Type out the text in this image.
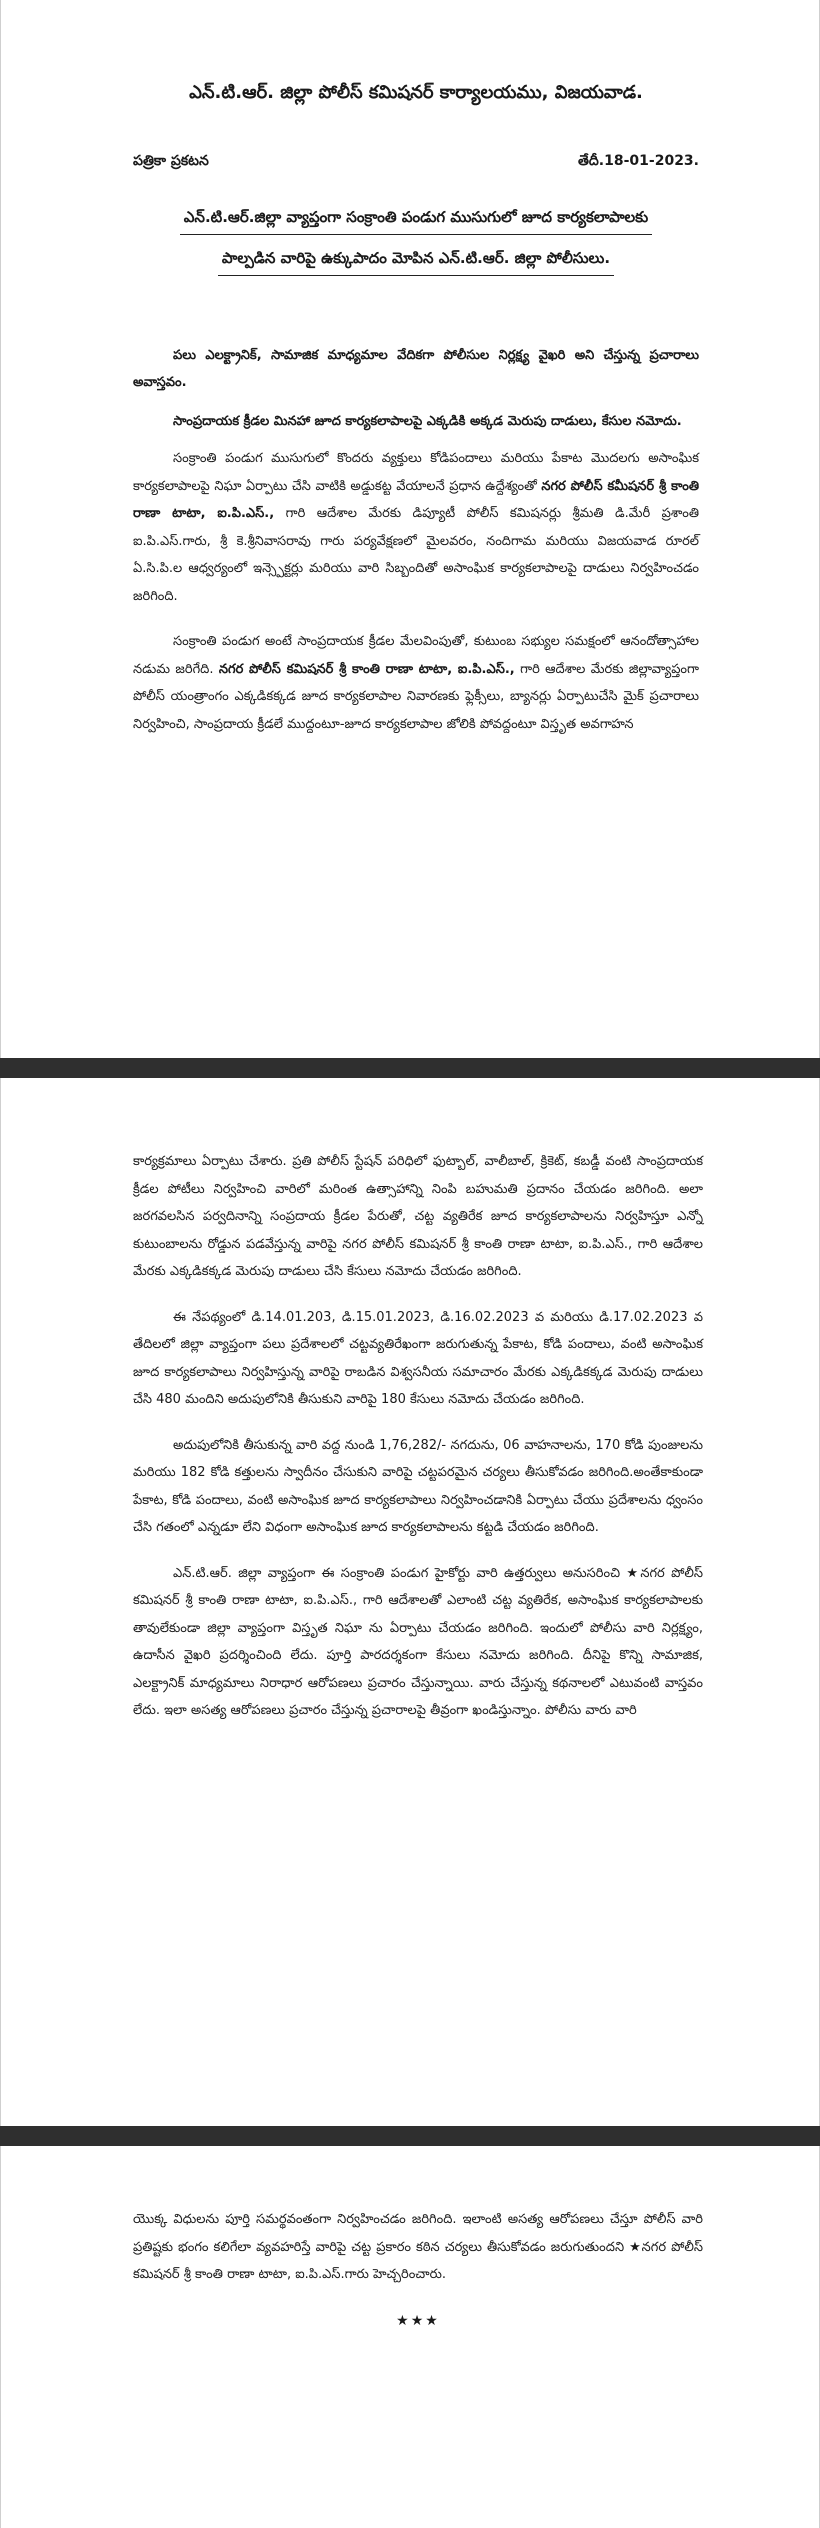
ఎన్.టి.ఆర్. జిల్లా పోలీస్ కమిషనర్ కార్యాలయము, విజయవాడ.
పత్రికా ప్రకటన	తేదీ.18-01-2023.
ఎన్.టి.ఆర్.జిల్లా వ్యాప్తంగా సంక్రాంతి పండుగ ముసుగులో జూద కార్యకలాపాలకు
పాల్పడిన వారిపై ఉక్కుపాదం మోపిన ఎన్.టి.ఆర్. జిల్లా పోలీసులు.

పలు ఎలక్ట్రానిక్, సామాజిక మాధ్యమాల వేదికగా పోలీసుల నిర్లక్ష్య వైఖరి అని చేస్తున్న ప్రచారాలు అవాస్తవం.

సాంప్రదాయక క్రీడల మినహా జూద కార్యకలాపాలపై ఎక్కడికి అక్కడ మెరుపు దాడులు, కేసుల నమోదు.

సంక్రాంతి పండుగ ముసుగులో కొందరు వ్యక్తులు కోడిపందాలు మరియు పేకాట మొదలగు అసాంఘిక కార్యకలాపాలపై నిఘా ఏర్పాటు చేసి వాటికి అడ్డుకట్ట వేయాలనే ప్రధాన ఉద్దేశ్యంతో నగర పోలీస్ కమీషనర్ శ్రీ కాంతి రాణా టాటా, ఐ.పి.ఎస్., గారి ఆదేశాల మేరకు డిప్యూటీ పోలీస్ కమిషనర్లు శ్రీమతి డి.మేరీ ప్రశాంతి ఐ.పి.ఎస్.గారు, శ్రీ కె.శ్రీనివాసరావు గారు పర్యవేక్షణలో మైలవరం, నందిగామ మరియు విజయవాడ రూరల్ ఏ.సి.పి.ల ఆధ్వర్యంలో ఇన్స్పెక్టర్లు మరియు వారి సిబ్బందితో అసాంఘిక కార్యకలాపాలపై దాడులు నిర్వహించడం జరిగింది.

సంక్రాంతి పండుగ అంటే సాంప్రదాయక క్రీడల మేలవింపుతో, కుటుంబ సభ్యుల సమక్షంలో ఆనందోత్సాహాల నడుమ జరిగేది. నగర పోలీస్ కమిషనర్ శ్రీ కాంతి రాణా టాటా, ఐ.పి.ఎస్., గారి ఆదేశాల మేరకు జిల్లావ్యాప్తంగా పోలీస్ యంత్రాంగం ఎక్కడికక్కడ జూద కార్యకలాపాల నివారణకు ఫ్లెక్సీలు, బ్యానర్లు ఏర్పాటుచేసి మైక్ ప్రచారాలు నిర్వహించి, సాంప్రదాయ క్రీడలే ముద్దంటూ-జూద కార్యకలాపాల జోలికి పోవద్దంటూ విస్తృత అవగాహన

కార్యక్రమాలు ఏర్పాటు చేశారు. ప్రతి పోలీస్ స్టేషన్ పరిధిలో ఫుట్బాల్, వాలీబాల్, క్రికెట్, కబడ్డీ వంటి సాంప్రదాయక క్రీడల పోటీలు నిర్వహించి వారిలో మరింత ఉత్సాహాన్ని నింపి బహుమతి ప్రదానం చేయడం జరిగింది. అలా జరగవలసిన పర్వదినాన్ని సంప్రదాయ క్రీడల పేరుతో, చట్ట వ్యతిరేక జూద కార్యకలాపాలను నిర్వహిస్తూ ఎన్నో కుటుంబాలను రోడ్డున పడవేస్తున్న వారిపై నగర పోలీస్ కమిషనర్ శ్రీ కాంతి రాణా టాటా, ఐ.పి.ఎస్., గారి ఆదేశాల మేరకు ఎక్కడికక్కడ మెరుపు దాడులు చేసి కేసులు నమోదు చేయడం జరిగింది.

ఈ నేపథ్యంలో డి.14.01.203, డి.15.01.2023, డి.16.02.2023 వ మరియు డి.17.02.2023 వ తేదిలలో జిల్లా వ్యాప్తంగా పలు ప్రదేశాలలో చట్టవ్యతిరేఖంగా జరుగుతున్న పేకాట, కోడి పందాలు, వంటి అసాంఘిక జూద కార్యకలాపాలు నిర్వహిస్తున్న వారిపై రాబడిన విశ్వసనీయ సమాచారం మేరకు ఎక్కడికక్కడ మెరుపు దాడులు చేసి 480 మందిని అదుపులోనికి తీసుకుని వారిపై 180 కేసులు నమోదు చేయడం జరిగింది.

అదుపులోనికి తీసుకున్న వారి వద్ద నుండి 1,76,282/- నగదును, 06 వాహనాలను, 170 కోడి పుంజులను మరియు 182 కోడి కత్తులను స్వాదీనం చేసుకుని వారిపై చట్టపరమైన చర్యలు తీసుకోవడం జరిగింది.అంతేకాకుండా పేకాట, కోడి పందాలు, వంటి అసాంఘిక జూద కార్యకలాపాలు నిర్వహించడానికి ఏర్పాటు చేయు ప్రదేశాలను ధ్వంసం చేసి గతంలో ఎన్నడూ లేని విధంగా అసాంఘిక జూద కార్యకలాపాలను కట్టడి చేయడం జరిగింది.

ఎన్.టి.ఆర్. జిల్లా వ్యాప్తంగా ఈ సంక్రాంతి పండుగ హైకోర్టు వారి ఉత్తర్వులు అనుసరించి ★నగర పోలీస్ కమిషనర్ శ్రీ కాంతి రాణా టాటా, ఐ.పి.ఎస్., గారి ఆదేశాలతో ఎలాంటి చట్ట వ్యతిరేక, అసాంఘిక కార్యకలాపాలకు తావులేకుండా జిల్లా వ్యాప్తంగా విస్తృత నిఘా ను ఏర్పాటు చేయడం జరిగింది. ఇందులో పోలీసు వారి నిర్లక్ష్యం, ఉదాసీన వైఖరి ప్రదర్శించింది లేదు. పూర్తి పారదర్శకంగా కేసులు నమోదు జరిగింది. దీనిపై కొన్ని సామాజిక, ఎలక్ట్రానిక్ మాధ్యమాలు నిరాధార ఆరోపణలు ప్రచారం చేస్తున్నాయి. వారు చేస్తున్న కథనాలలో ఎటువంటి వాస్తవం లేదు. ఇలా అసత్య ఆరోపణలు ప్రచారం చేస్తున్న ప్రచారాలపై తీవ్రంగా ఖండిస్తున్నాం. పోలీసు వారు వారి

యొక్క విధులను పూర్తి సమర్థవంతంగా నిర్వహించడం జరిగింది. ఇలాంటి అసత్య ఆరోపణలు చేస్తూ పోలీస్ వారి ప్రతిష్టకు భంగం కలిగేలా వ్యవహరిస్తే వారిపై చట్ట ప్రకారం కఠిన చర్యలు తీసుకోవడం జరుగుతుందని ★నగర పోలీస్ కమిషనర్ శ్రీ కాంతి రాణా టాటా, ఐ.పి.ఎస్.గారు హెచ్చరించారు.

★★★
